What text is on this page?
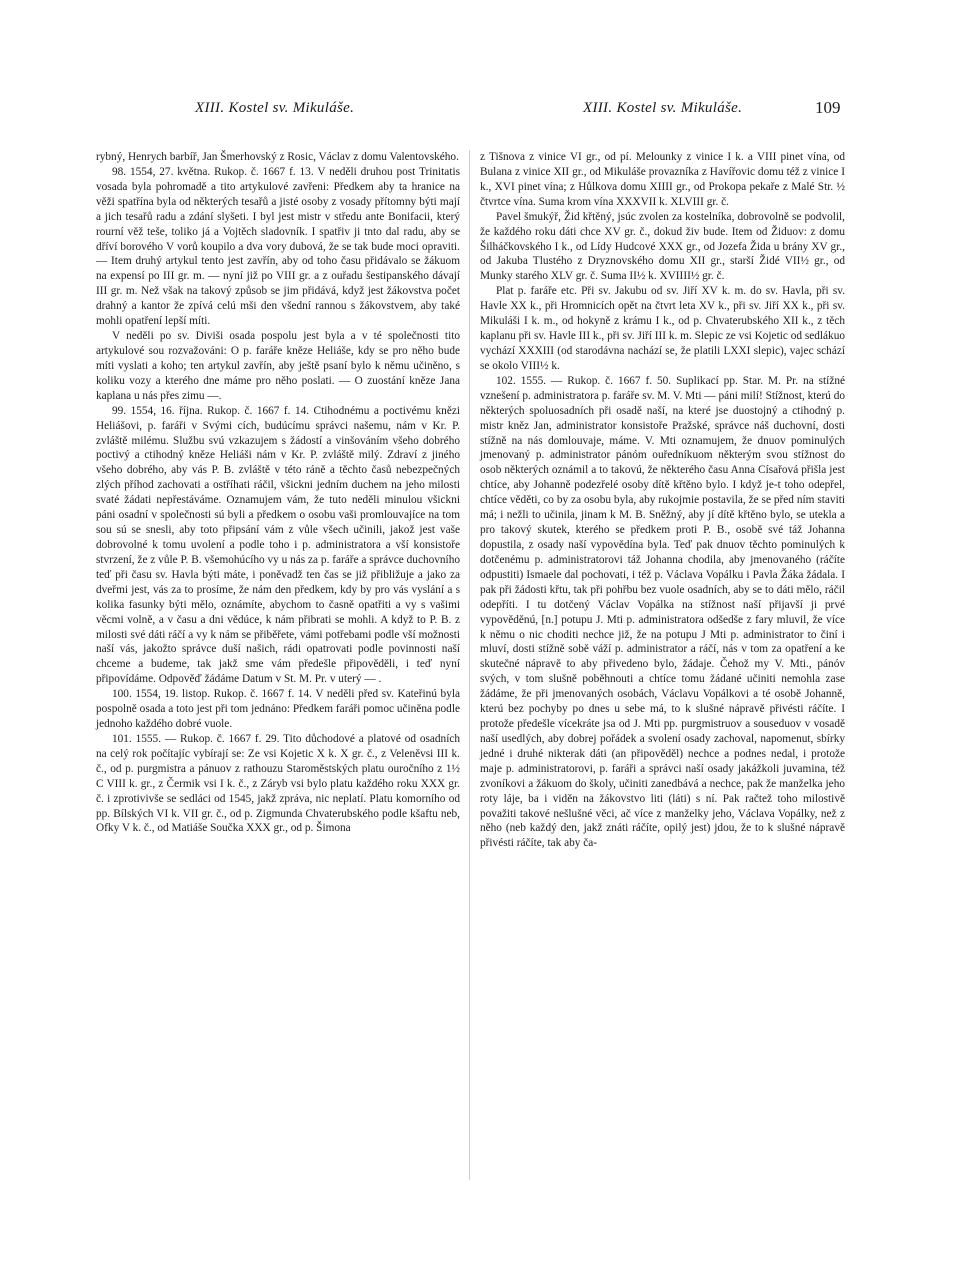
XIII. Kostel sv. Mikuláše.	XIII. Kostel sv. Mikuláše.	109

rybný, Henrych barbíř, Jan Šmerhovský z Rosic, Václav z domu Valentovského.

98. 1554, 27. května. Rukop. č. 1667 f. 13. V neděli druhou post Trinitatis vosada byla pohromadě a tito artykulové zavřeni: Předkem aby ta hranice na věži spatřína byla od některých tesařů a jisté osoby z vosady přítomny býti mají a jich tesařů radu a zdání slyšeti. I byl jest mistr v středu ante Bonifacii, který rourní věž teše, toliko já a Vojtěch sladovník. I spatřiv ji tnto dal radu, aby se dříví borového V vorů koupilo a dva vory dubová, že se tak bude moci opraviti. — Item druhý artykul tento jest zavřín, aby od toho času přidávalo se žákuom na expensí po III gr. m. — nyní již po VIII gr. a z ouřadu šestipanského dávají III gr. m. Než však na takový způsob se jim přidává, když jest žákovstva počet drahný a kantor že zpívá celú mši den všední rannou s žákovstvem, aby také mohli opatření lepší míti.

V neděli po sv. Diviši osada pospolu jest byla a v té společnosti tito artykulové sou rozvažováni: O p. faráře kněze Heliáše, kdy se pro něho bude míti vyslati a koho; ten artykul zavřín, aby ještě psaní bylo k němu učiněno, s koliku vozy a kterého dne máme pro něho poslati. — O zuostání kněze Jana kaplana u nás přes zimu —.

99. 1554, 16. října. Rukop. č. 1667 f. 14. Ctihodnému a poctivému knězi Heliášovi, p. faráři v Svými cích, budúcímu správci našemu, nám v Kr. P. zvláště milému. Službu svú vzkazujem s žádostí a vinšováním všeho dobrého poctivý a ctihodný kněze Heliáši nám v Kr. P. zvláště milý. Zdraví z jiného všeho dobrého, aby vás P. B. zvláště v této ráně a těchto časů nebezpečných zlých příhod zachovati a ostříhati ráčil, všickni jedním duchem na jeho milosti svaté žádati nepřestáváme. Oznamujem vám, že tuto neděli minulou všickni páni osadní v společnosti sú byli a předkem o osobu vaši promlouvajíce na tom sou sú se snesli, aby toto připsání vám z vůle všech učinili, jakož jest vaše dobrovolné k tomu uvolení a podle toho i p. administratora a vší konsistoře stvrzení, že z vůle P. B. všemohúcího vy u nás za p. faráře a správce duchovního teď při času sv. Havla býti máte, i poněvadž ten čas se již přibližuje a jako za dveřmi jest, vás za to prosíme, že nám den předkem, kdy by pro vás vyslání a s kolika fasunky býti mělo, oznámíte, abychom to časně opatřiti a vy s vašimi věcmi volně, a v času a dni vědúce, k nám přibrati se mohli. A když to P. B. z milosti své dáti ráčí a vy k nám se přiběřete, vámi potřebami podle vší možnosti naší vás, jakožto správce duší našich, rádi opatrovati podle povinnosti naší chceme a budeme, tak jakž sme vám předešle připověděli, i teď nyní připovídáme. Odpověď žádáme Datum v St. M. Pr. v uterý — .

100. 1554, 19. listop. Rukop. č. 1667 f. 14. V neděli před sv. Kateřinú byla pospolně osada a toto jest při tom jednáno: Předkem faráři pomoc učiněna podle jednoho každého dobré vuole.

101. 1555. — Rukop. č. 1667 f. 29. Tito důchodové a platové od osadních na celý rok počítajíc vybírají se: Ze vsi Kojetic X k. X gr. č., z Veleněvsi III k. č., od p. purgmistra a pánuov z rathouzu Staroměstských platu ouročního z 1½ C VIII k. gr., z Čermik vsi I k. č., z Záryb vsi bylo platu každého roku XXX gr. č. i zprotivivše se sedláci od 1545, jakž zpráva, nic neplatí. Platu komorního od pp. Bílských VI k. VII gr. č., od p. Zigmunda Chvaterubského podle kšaftu neb, Ofky V k. č., od Matiáše Součka XXX gr., od p. Šimona

z Tišnova z vinice VI gr., od pí. Melounky z vinice I k. a VIII pinet vína, od Bulana z vinice XII gr., od Mikuláše provazníka z Havířovic domu též z vinice I k., XVI pinet vína; z Hůlkova domu XIIII gr., od Prokopa pekaře z Malé Str. ½ čtvrtce vína. Suma krom vína XXXVII k. XLVIII gr. č.

Pavel šmukýř, Žid křtěný, jsúc zvolen za kostelníka, dobrovolně se podvolil, že každého roku dáti chce XV gr. č., dokud živ bude. Item od Židuov: z domu Šilháčkovského I k., od Lídy Hudcové XXX gr., od Jozefa Žida u brány XV gr., od Jakuba Tlustého z Dryznovského domu XII gr., starší Židé VII½ gr., od Munky starého XLV gr. č. Suma II½ k. XVIIII½ gr. č.

Plat p. faráře etc. Při sv. Jakubu od sv. Jiří XV k. m. do sv. Havla, při sv. Havle XX k., při Hromnicích opět na čtvrt leta XV k., při sv. Jiří XX k., při sv. Mikuláši I k. m., od hokyně z krámu I k., od p. Chvaterubského XII k., z těch kaplanu při sv. Havle III k., při sv. Jiří III k. m. Slepic ze vsi Kojetic od sedlákuo vychází XXXIII (od starodávna nachází se, že platili LXXI slepic), vajec schází se okolo VIII½ k.

102. 1555. — Rukop. č. 1667 f. 50. Suplikací pp. Star. M. Pr. na stížné vznešení p. administratora p. faráře sv. M. V. Mti — páni milí! Stížnost, kterú do některých spoluosadních při osadě naší, na které jse duostojný a ctihodný p. mistr kněz Jan, administrator konsistoře Pražské, správce náš duchovní, dosti stížně na nás domlouvaje, máme. V. Mti oznamujem, že dnuov pominulých jmenovaný p. administrator pánóm ouředníkuom některým svou stížnost do osob některých oznámil a to takovú, že některého času Anna Císařová přišla jest chtíce, aby Johanně podezřelé osoby dítě křtěno bylo. I když je-t toho odepřel, chtíce věděti, co by za osobu byla, aby rukojmie postavila, že se před ním staviti má; i nežli to učinila, jinam k M. B. Sněžný, aby jí dítě křtěno bylo, se utekla a pro takový skutek, kterého se předkem proti P. B., osobě své táž Johanna dopustila, z osady naší vypovědína byla. Teď pak dnuov těchto pominulých k dotčenému p. administratorovi táž Johanna chodila, aby jmenovaného (ráčíte odpustiti) Ismaele dal pochovati, i též p. Václava Vopálku i Pavla Žáka žádala. I pak při žádosti křtu, tak při pohřbu bez vuole osadních, aby se to dáti mělo, ráčil odepříti. I tu dotčený Václav Vopálka na stížnost naší přijavší ji prvé vypověděnú, [n.] potupu J. Mti p. administratora odšedše z fary mluvil, že více k němu o nic choditi nechce již, že na potupu J Mti p. administrator to činí i mluví, dosti stížně sobě váží p. administrator a ráčí, nás v tom za opatření a ke skutečné nápravě to aby přivedeno bylo, žádaje. Čehož my V. Mti., pánóv svých, v tom slušně poběhnouti a chtíce tomu žádané učiniti nemohla zase žádáme, že při jmenovaných osobách, Václavu Vopálkovi a té osobě Johanně, kterú bez pochyby po dnes u sebe má, to k slušné nápravě přivésti ráčíte. I protože předešle vícekráte jsa od J. Mti pp. purgmistruov a souseduov v vosadě naší usedlých, aby dobrej pořádek a svolení osady zachoval, napomenut, sbírky jedné i druhé nikterak dáti (an připověděl) nechce a podnes nedal, i protože maje p. administratorovi, p. faráři a správci naší osady jakážkoli juvamina, též zvoníkovi a žákuom do školy, učiniti zanedbává a nechce, pak že manželka jeho roty láje, ba i viděn na žákovstvo liti (láti) s ní. Pak račtež toho milostivě považiti takové nešlušné věci, ač více z manželky jeho, Václava Vopálky, než z něho (neb každý den, jakž znáti ráčíte, opilý jest) jdou, že to k slušné nápravě přivésti ráčíte, tak aby ča-
